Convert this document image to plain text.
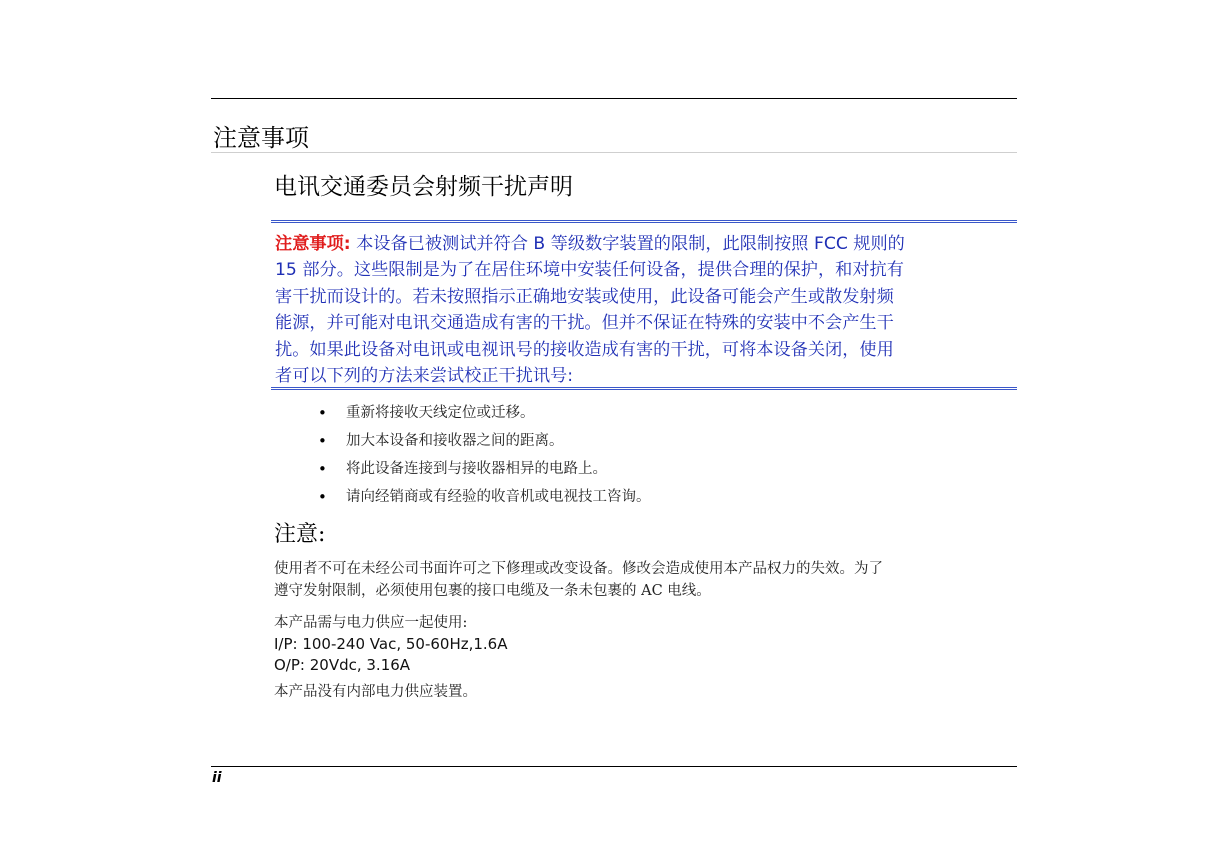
注意事项
电讯交通委员会射频干扰声明
注意事项: 本设备已被测试并符合 B 等级数字装置的限制，此限制按照 FCC 规则的
15 部分。这些限制是为了在居住环境中安装任何设备，提供合理的保护，和对抗有
害干扰而设计的。若未按照指示正确地安装或使用，此设备可能会产生或散发射频
能源，并可能对电讯交通造成有害的干扰。但并不保证在特殊的安装中不会产生干
扰。如果此设备对电讯或电视讯号的接收造成有害的干扰，可将本设备关闭，使用
者可以下列的方法来尝试校正干扰讯号:
• 重新将接收天线定位或迁移。
• 加大本设备和接收器之间的距离。
• 将此设备连接到与接收器相异的电路上。
• 请向经销商或有经验的收音机或电视技工咨询。
注意:
使用者不可在未经公司书面许可之下修理或改变设备。修改会造成使用本产品权力的失效。为了
遵守发射限制，必须使用包裹的接口电缆及一条未包裹的 AC 电线。
本产品需与电力供应一起使用:
I/P: 100-240 Vac, 50-60Hz,1.6A
O/P: 20Vdc, 3.16A
本产品没有内部电力供应装置。
ii
